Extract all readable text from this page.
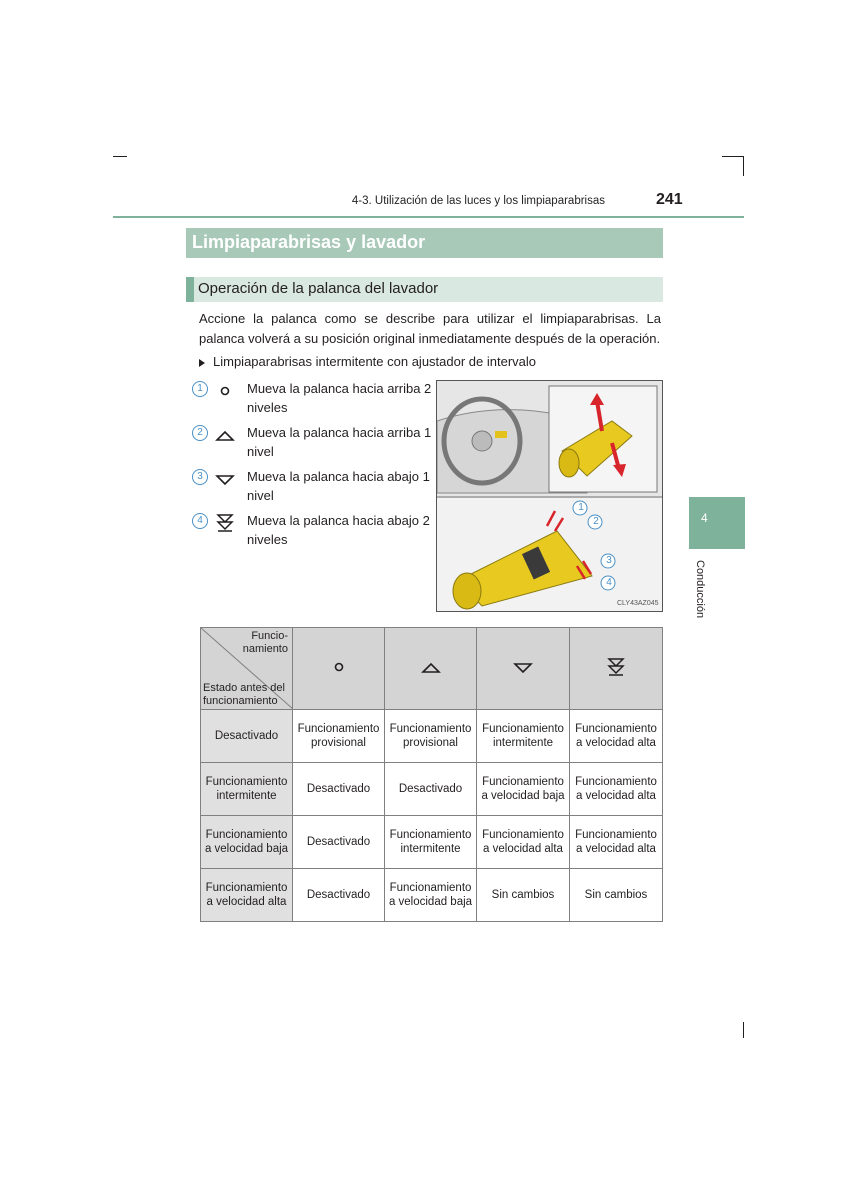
4-3. Utilización de las luces y los limpiaparabrisas	241
Limpiaparabrisas y lavador
Operación de la palanca del lavador
Accione la palanca como se describe para utilizar el limpiaparabrisas. La palanca volverá a su posición original inmediatamente después de la operación.
Limpiaparabrisas intermitente con ajustador de intervalo
1	Mueva la palanca hacia arriba 2 niveles
2	Mueva la palanca hacia arriba 1 nivel
3	Mueva la palanca hacia abajo 1 nivel
4	Mueva la palanca hacia abajo 2 niveles
1
2
3
4
CLY43AZ045
4
Conducción
Funcio-namiento
Estado antes del funcionamiento

Desactivado	Funcionamiento provisional	Funcionamiento provisional	Funcionamiento intermitente	Funcionamiento a velocidad alta
Funcionamiento intermitente	Desactivado	Desactivado	Funcionamiento a velocidad baja	Funcionamiento a velocidad alta
Funcionamiento a velocidad baja	Desactivado	Funcionamiento intermitente	Funcionamiento a velocidad alta	Funcionamiento a velocidad alta
Funcionamiento a velocidad alta	Desactivado	Funcionamiento a velocidad baja	Sin cambios	Sin cambios
